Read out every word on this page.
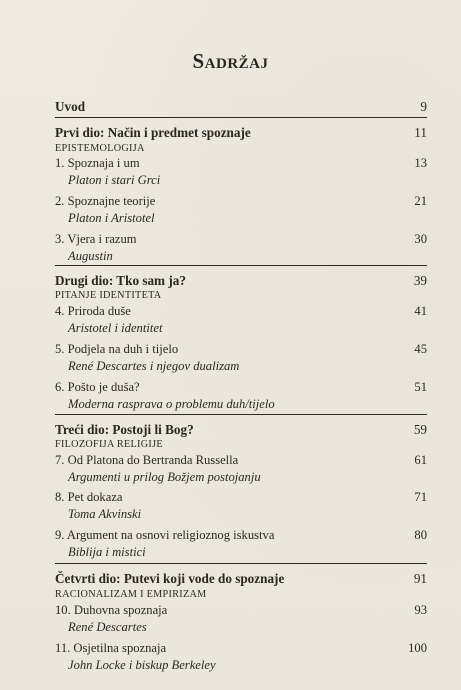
SADRŽAJ
Uvod	9
Prvi dio: Način i predmet spoznaje	11
EPISTEMOLOGIJA
1. Spoznaja i um	13
Platon i stari Grci
2. Spoznajne teorije	21
Platon i Aristotel
3. Vjera i razum	30
Augustin
Drugi dio: Tko sam ja?	39
PITANJE IDENTITETA
4. Priroda duše	41
Aristotel i identitet
5. Podjela na duh i tijelo	45
René Descartes i njegov dualizam
6. Pošto je duša?	51
Moderna rasprava o problemu duh/tijelo
Treći dio: Postoji li Bog?	59
FILOZOFIJA RELIGIJE
7. Od Platona do Bertranda Russella	61
Argumenti u prilog Božjem postojanju
8. Pet dokaza	71
Toma Akvinski
9. Argument na osnovi religioznog iskustva	80
Biblija i mistici
Četvrti dio: Putevi koji vode do spoznaje	91
RACIONALIZAM I EMPIRIZAM
10. Duhovna spoznaja	93
René Descartes
11. Osjetilna spoznaja	100
John Locke i biskup Berkeley
